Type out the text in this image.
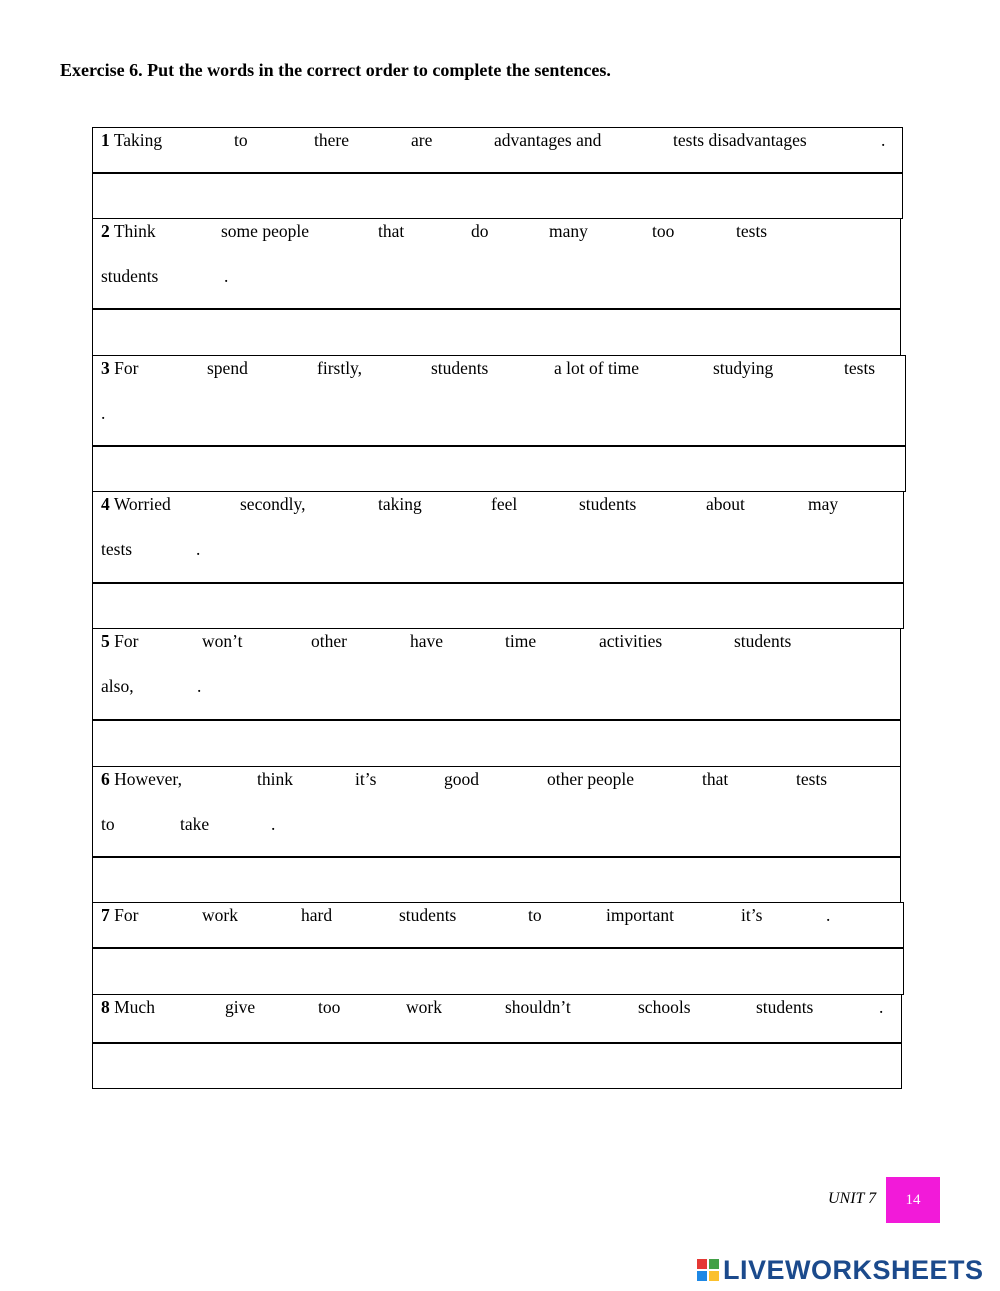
Exercise 6. Put the words in the correct order to complete the sentences.
1 Taking	to	there	are	advantages and	tests disadvantages	.
2 Think	some people	that	do	many	too	tests
students	.
3 For	spend	firstly,	students	a lot of time	studying	tests
.
4 Worried	secondly,	taking	feel	students	about	may
tests	.
5 For	won’t	other	have	time	activities	students
also,	.
6 However,	think	it’s	good	other people	that	tests
to	take	.
7 For	work	hard	students	to	important	it’s	.
8 Much	give	too	work	shouldn’t	schools	students	.
UNIT 7 14
LIVEWORKSHEETS
